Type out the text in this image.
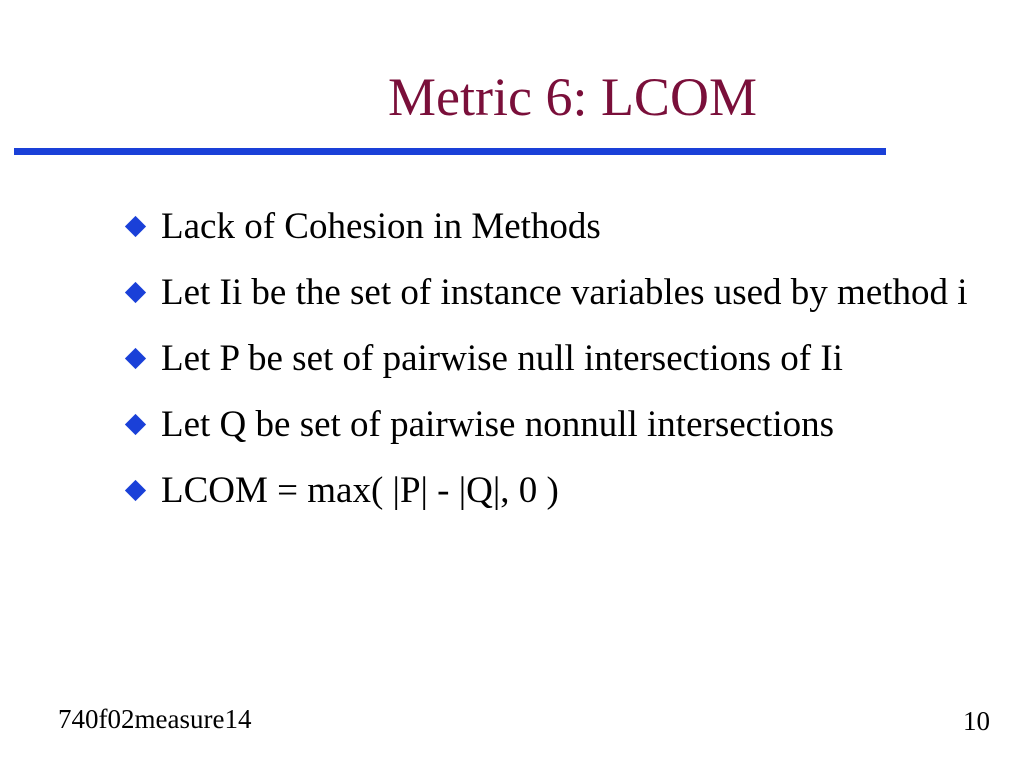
Metric 6: LCOM
Lack of Cohesion in Methods
Let Ii be the set of instance variables used by method i
Let P be set of pairwise null intersections of Ii
Let Q be set of pairwise nonnull intersections
LCOM = max( |P| - |Q|, 0 )
740f02measure14	10
